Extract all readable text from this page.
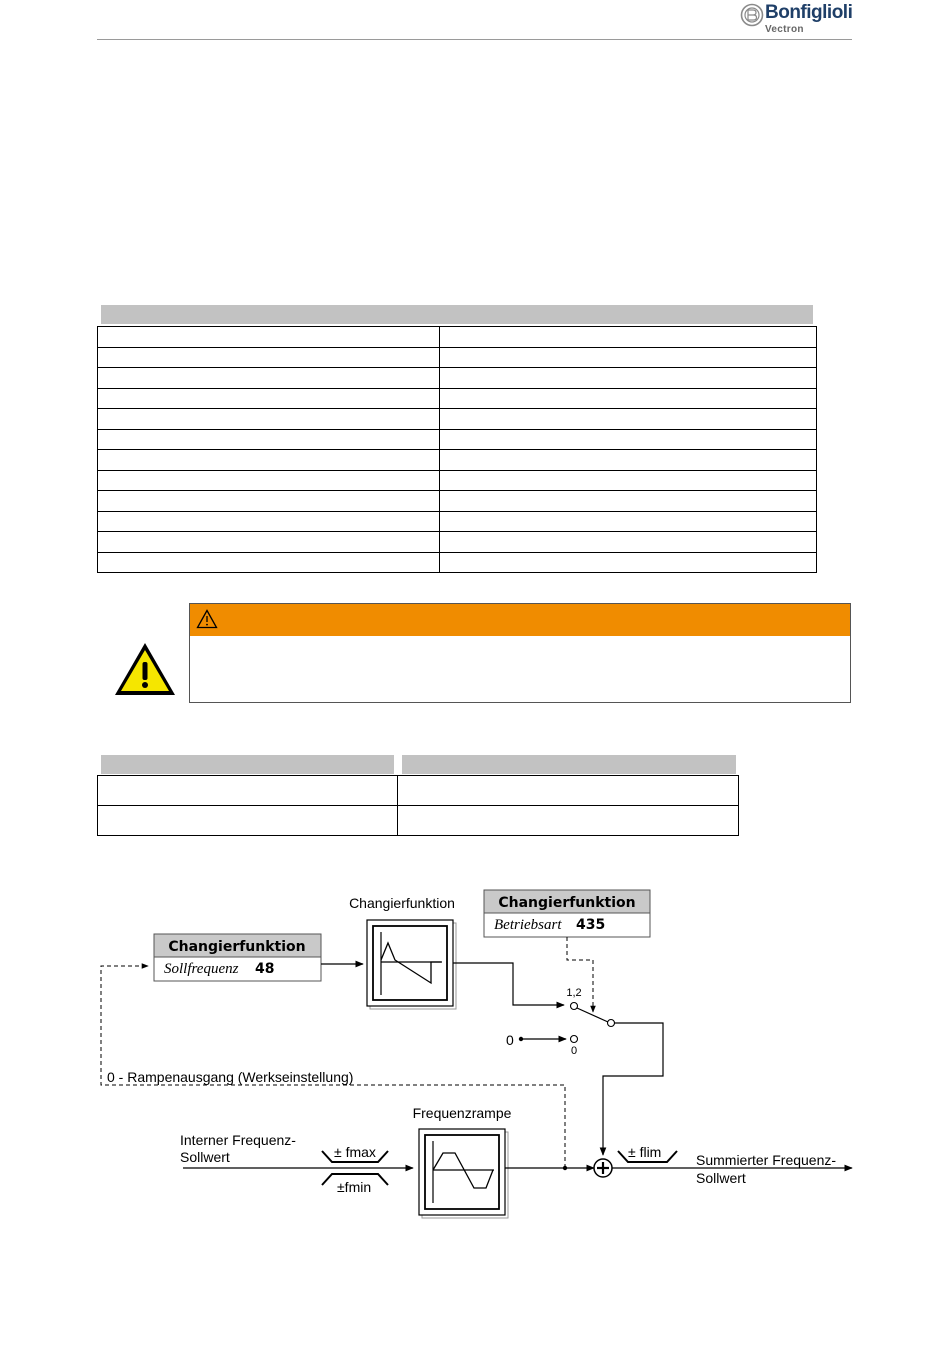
Bonfiglioli
Vectron

Changierfunktion
Sollfrequenz 48
Changierfunktion
Betriebsart 435
Changierfunktion
Frequenzrampe
1,2
0
0
0 - Rampenausgang (Werkseinstellung)
Interner Frequenz-
Sollwert	± fmax
±fmin
± flim Summierter Frequenz-
Sollwert
